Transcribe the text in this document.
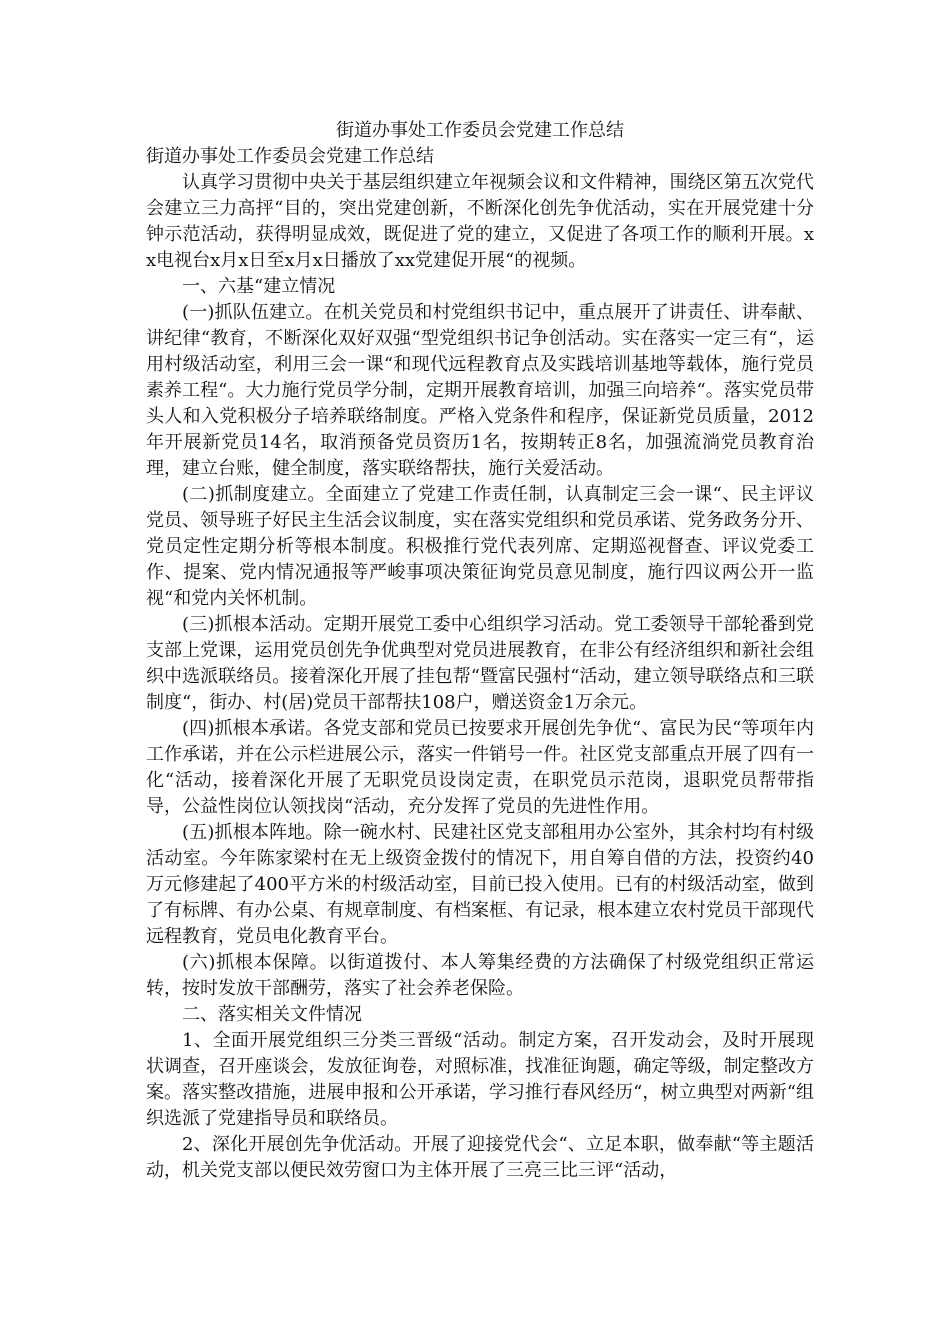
街道办事处工作委员会党建工作总结

街道办事处工作委员会党建工作总结

认真学习贯彻中央关于基层组织建立年视频会议和文件精神，围绕区第五次党代会建立三力高抨“目的，突出党建创新，不断深化创先争优活动，实在开展党建十分钟示范活动，获得明显成效，既促进了党的建立，又促进了各项工作的顺利开展。xx电视台x月x日至x月x日播放了xx党建促开展“的视频。

一、六基“建立情况

(一)抓队伍建立。在机关党员和村党组织书记中，重点展开了讲责任、讲奉献、讲纪律“教育，不断深化双好双强“型党组织书记争创活动。实在落实一定三有“，运用村级活动室，利用三会一课“和现代远程教育点及实践培训基地等载体，施行党员素养工程“。大力施行党员学分制，定期开展教育培训，加强三向培养“。落实党员带头人和入党积极分子培养联络制度。严格入党条件和程序，保证新党员质量，2012年开展新党员14名，取消预备党员资历1名，按期转正8名，加强流淌党员教育治理，建立台账，健全制度，落实联络帮扶，施行关爱活动。

(二)抓制度建立。全面建立了党建工作责任制，认真制定三会一课“、民主评议党员、领导班子好民主生活会议制度，实在落实党组织和党员承诺、党务政务分开、党员定性定期分析等根本制度。积极推行党代表列席、定期巡视督查、评议党委工作、提案、党内情况通报等严峻事项决策征询党员意见制度，施行四议两公开一监视“和党内关怀机制。

(三)抓根本活动。定期开展党工委中心组织学习活动。党工委领导干部轮番到党支部上党课，运用党员创先争优典型对党员进展教育，在非公有经济组织和新社会组织中选派联络员。接着深化开展了挂包帮“暨富民强村“活动，建立领导联络点和三联制度“，街办、村(居)党员干部帮扶108户，赠送资金1万余元。

(四)抓根本承诺。各党支部和党员已按要求开展创先争优“、富民为民“等项年内工作承诺，并在公示栏进展公示，落实一件销号一件。社区党支部重点开展了四有一化“活动，接着深化开展了无职党员设岗定责，在职党员示范岗，退职党员帮带指导，公益性岗位认领找岗“活动，充分发挥了党员的先进性作用。

(五)抓根本阵地。除一碗水村、民建社区党支部租用办公室外，其余村均有村级活动室。今年陈家梁村在无上级资金拨付的情况下，用自筹自借的方法，投资约40万元修建起了400平方米的村级活动室，目前已投入使用。已有的村级活动室，做到了有标牌、有办公桌、有规章制度、有档案框、有记录，根本建立农村党员干部现代远程教育，党员电化教育平台。

(六)抓根本保障。以街道拨付、本人筹集经费的方法确保了村级党组织正常运转，按时发放干部酬劳，落实了社会养老保险。

二、落实相关文件情况

1、全面开展党组织三分类三晋级“活动。制定方案，召开发动会，及时开展现状调查，召开座谈会，发放征询卷，对照标准，找准征询题，确定等级，制定整改方案。落实整改措施，进展申报和公开承诺，学习推行春风经历“，树立典型对两新“组织选派了党建指导员和联络员。

2、深化开展创先争优活动。开展了迎接党代会“、立足本职，做奉献“等主题活动，机关党支部以便民效劳窗口为主体开展了三亮三比三评“活动，
